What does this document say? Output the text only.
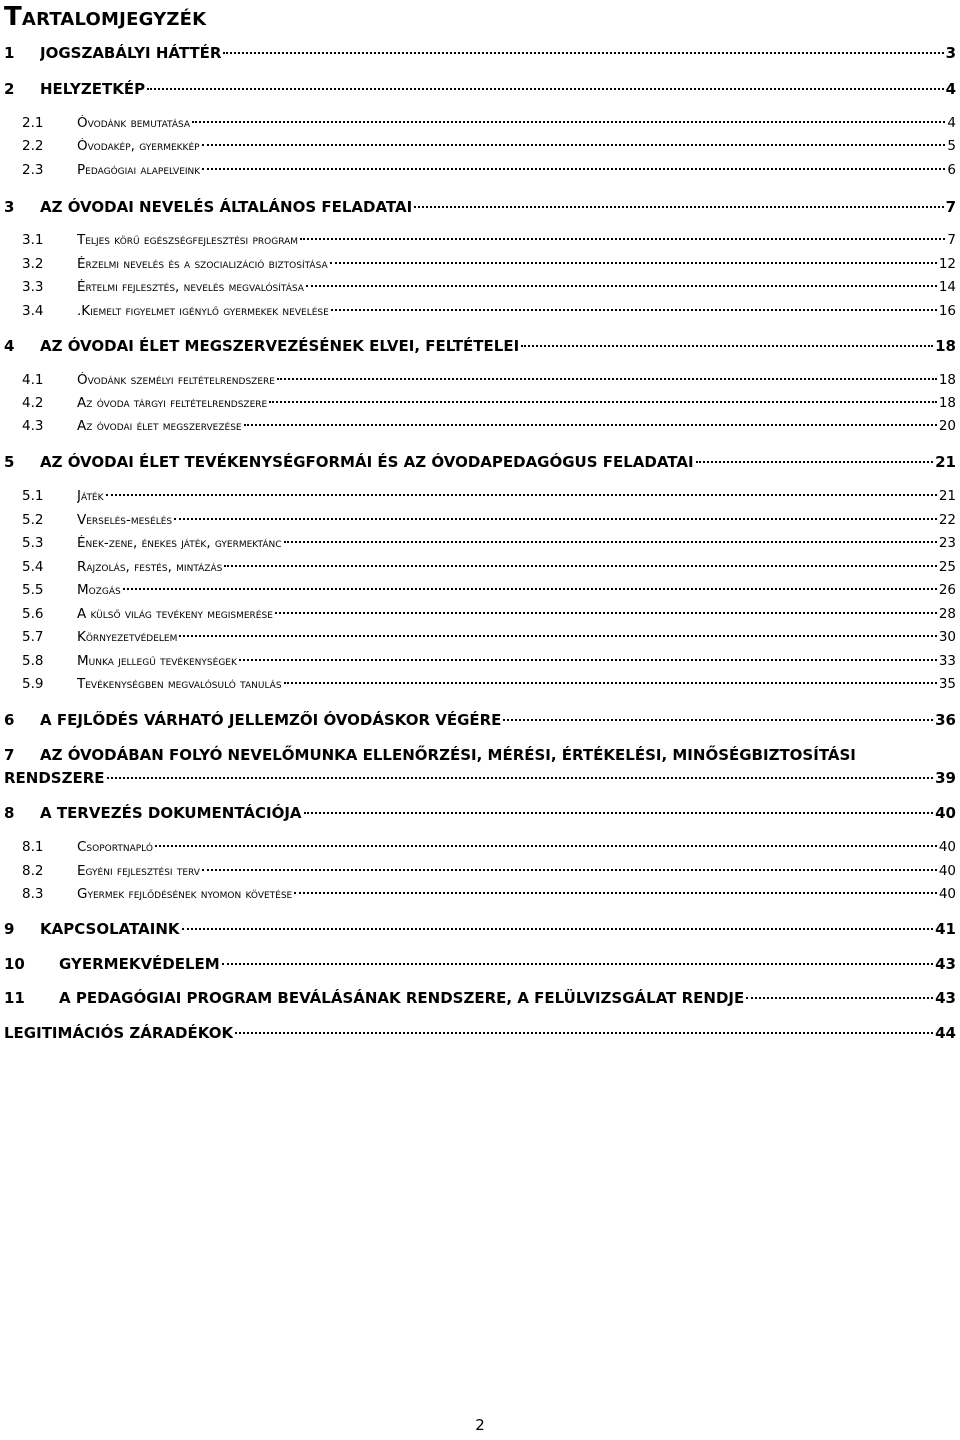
Tartalomjegyzék
1	JOGSZABÁLYI HÁTTÉR	3
2	HELYZETKÉP	4
2.1	Óvodánk bemutatása	4
2.2	Óvodakép, gyermekkép	5
2.3	Pedagógiai alapelveink	6
3	AZ ÓVODAI NEVELÉS ÁLTALÁNOS FELADATAI	7
3.1	Teljes körű egészségfejlesztési program	7
3.2	Érzelmi nevelés és a szocializáció biztosítása	12
3.3	Értelmi fejlesztés, nevelés megvalósítása	14
3.4	.Kiemelt figyelmet igénylő gyermekek nevelése	16
4	AZ ÓVODAI ÉLET MEGSZERVEZÉSÉNEK ELVEI, FELTÉTELEI	18
4.1	Óvodánk személyi feltételrendszere	18
4.2	Az óvoda tárgyi feltételrendszere	18
4.3	Az óvodai élet megszervezése	20
5	AZ ÓVODAI ÉLET TEVÉKENYSÉGFORMÁI ÉS AZ ÓVODAPEDAGÓGUS FELADATAI	21
5.1	Játék	21
5.2	Verselés-mesélés	22
5.3	Ének-zene, énekes játék, gyermektánc	23
5.4	Rajzolás, festés, mintázás	25
5.5	Mozgás	26
5.6	A külső világ tevékeny megismerése	28
5.7	Környezetvédelem	30
5.8	Munka jellegű tevékenységek	33
5.9	Tevékenységben megvalósuló tanulás	35
6	A FEJLŐDÉS VÁRHATÓ JELLEMZŐI ÓVODÁSKOR VÉGÉRE	36
7 AZ ÓVODÁBAN FOLYÓ NEVELŐMUNKA ELLENŐRZÉSI, MÉRÉSI, ÉRTÉKELÉSI, MINŐSÉGBIZTOSÍTÁSI
RENDSZERE	39
8	A TERVEZÉS DOKUMENTÁCIÓJA	40
8.1	Csoportnapló	40
8.2	Egyéni fejlesztési terv	40
8.3	Gyermek fejlődésének nyomon követése	40
9	KAPCSOLATAINK	41
10	GYERMEKVÉDELEM	43
11	A PEDAGÓGIAI PROGRAM BEVÁLÁSÁNAK RENDSZERE, A FELÜLVIZSGÁLAT RENDJE	43
LEGITIMÁCIÓS ZÁRADÉKOK	44
2
